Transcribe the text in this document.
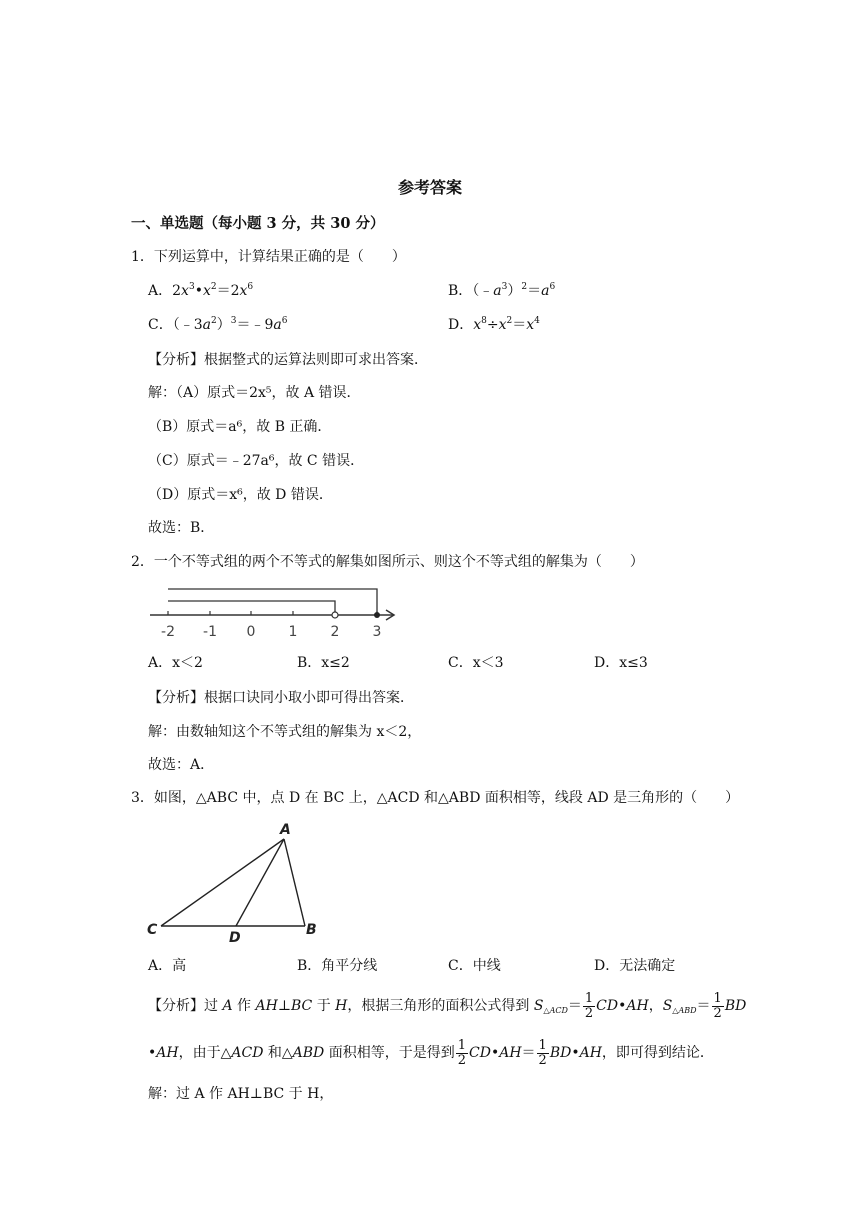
参考答案
一、单选题（每小题 3 分，共 30 分）
1．下列运算中，计算结果正确的是（　　）
A．$2x^3•x^2=2x^6$	B．$(﹣a^3)^2=a^6$
C．$(﹣3a^2)^3=﹣9a^6$	D．$x^8\div x^2=x^4$
【分析】根据整式的运算法则即可求出答案．
解：（A）原式＝2x⁵，故 A 错误．
（B）原式＝a⁶，故 B 正确．
（C）原式＝﹣27a⁶，故 C 错误．
（D）原式＝x⁶，故 D 错误．
故选：B．
2．一个不等式组的两个不等式的解集如图所示、则这个不等式组的解集为（　　）
-2 -1 0 1 2 3
A．x＜2	B．x≤2	C．x＜3	D．x≤3
【分析】根据口诀同小取小即可得出答案．
解：由数轴知这个不等式组的解集为 x＜2，
故选：A．
3．如图，△ABC 中，点 D 在 BC 上，△ACD 和△ABD 面积相等，线段 AD 是三角形的（　　）
A
B
C	D
A．高	B．角平分线	C．中线	D．无法确定
【分析】过 A 作 AH⊥BC 于 H，根据三角形的面积公式得到 $S_{\triangle ACD}= \frac{1}{2}$ CD•AH，$S_{\triangle ABD}= \frac{1}{2}$ BD
•AH，由于△ACD 和△ABD 面积相等，于是得到 $\frac{1}{2}$ CD•AH＝ $\frac{1}{2}$ BD•AH，即可得到结论．
解：过 A 作 AH⊥BC 于 H，
